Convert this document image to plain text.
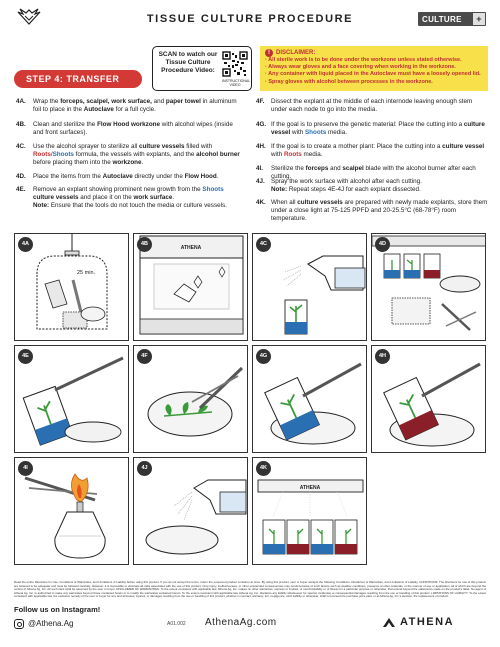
TISSUE CULTURE PROCEDURE	CULTURE	+
STEP 4: TRANSFER
SCAN to watch our Tissue Culture Procedure Video:
INSTRUCTIONAL VIDEO
!	DISCLAIMER:
· All sterile work is to be done under the workzone unless stated otherwise.
· Always wear gloves and a face covering when working in the workzone.
· Any container with liquid placed in the Autoclave must have a loosely opened lid.
· Spray gloves with alcohol between processes in the workzone.
4A. Wrap the forceps, scalpel, work surface, and paper towel in aluminum foil to place in the Autoclave for a full cycle.
4B. Clean and sterilize the Flow Hood workzone with alcohol wipes (inside and front surfaces).
4C. Use the alcohol sprayer to sterilize all culture vessels filled with Roots/Shoots formula, the vessels with explants, and the alcohol burner before placing them into the workzone.
4D. Place the items from the Autoclave directly under the Flow Hood.
4E. Remove an explant showing prominent new growth from the Shoots culture vessels and place it on the work surface.
Note: Ensure that the tools do not touch the media or culture vessels.
4F. Dissect the explant at the middle of each internode leaving enough stem under each node to go into the media.
4G. If the goal is to preserve the genetic material: Place the cutting into a culture vessel with Shoots media.
4H. If the goal is to create a mother plant: Place the cutting into a culture vessel with Roots media.
4I. Sterilize the forceps and scalpel blade with the alcohol burner after each cutting.
4J. Spray the work surface with alcohol after each cutting.
Note: Repeat steps 4E-4J for each explant dissected.
4K. When all culture vessels are prepared with newly made explants, store them under a close light at 75-125 PPFD and 20-25.5°C (68-78°F) room temperature.
25 min.
4A
ATHENA
4B	4C	4D
4E	4F	4G	4H
4I	4J
ATHENA
4K
Read the entire Directions for Use, Conditions of Warranties, and Limitations of Liability before using this product. If you do not accept the terms, return the unopened product container at once. By using this product, user or buyer accepts the following Conditions, Disclaimer of Warranties, and Limitations of Liability. CONDITIONS: The directions for use of this product are believed to be adequate and must be followed carefully. However, it is impossible to eliminate all risks associated with the use of this product. Crop injury, ineffectiveness, or other unintended consequences may result because of such factors such as weather conditions, presence of other materials, or the manner of use or application, all of which are beyond the control of Athena Ag, Inc. All such risks shall be assumed by the user or buyer. DISCLAIMER OF WARRANTIES: To the extent consistent with applicable law, Athena Ag, Inc. makes no other warranties, express or implied, of merchantability or of fitness for a particular purpose or otherwise, that extend beyond the statements made on the product's label. No agent of Athena Ag, Inc. is authorized to make any warranties beyond those contained herein or to modify the warranties contained herein. To the extent consistent with applicable law, Athena Ag, Inc. disclaims any liability whatsoever for special, incidental, or consequential damages resulting from the use or handling of this product. LIMITATIONS OF LIABILITY: To the extent consistent with applicable law, the exclusive remedy of the user or buyer for any and all losses, injuries, or damages resulting from the use or handling of this product, whether in contract, warranty, tort, negligence, strict liability or otherwise, shall not exceed the purchase price paid, or at Athena Ag, Inc.'s election, the replacement of product.
Follow us on Instagram!
@Athena.Ag	A01.002 AthenaAg.com	ATHENA
